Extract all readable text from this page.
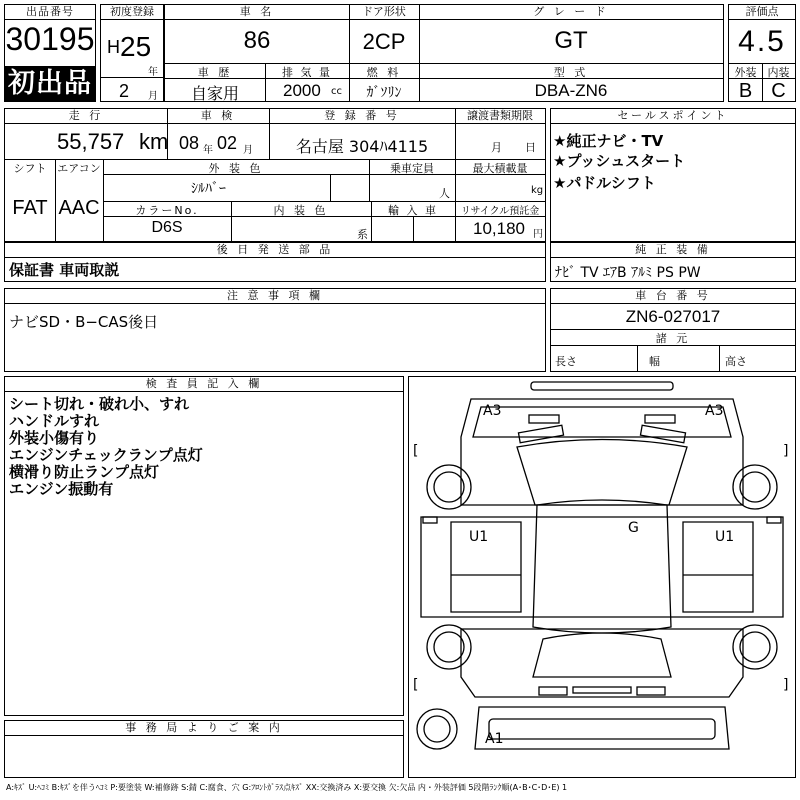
出品番号
30195
初出品
初度登録
H 25
年
2 月
車 名	ドア形状	グ レ ー ド
86	2CP	GT
車 歴	排 気 量	燃 料	型 式
自家用	2000 cc	ｶﾞｿﾘﾝ	DBA-ZN6
評価点
4.5
外装	内装
B C
走 行	車 検	登 録 番 号	譲渡書類期限
55,757 km 08 年 02 月	名古屋 304ﾊ4115	月 日
シフト エアコン	外 装 色	乗車定員	最大積載量
FAT AAC
ｼﾙﾊﾞｰ	人	kg
カラーNo.	内 装 色	輸 入 車	リサイクル預託金
D6S	系	10,180 円
セールスポイント
★純正ナビ・TV
★プッシュスタート
★パドルシフト
後 日 発 送 部 品
保証書 車両取説
純 正 装 備
ﾅﾋﾞ TV ｴｱB ｱﾙﾐ PS PW
注 意 事 項 欄
ナビSD・B−CAS後日
車 台 番 号
ZN6-027017
諸 元
長さ	幅	高さ
検 査 員 記 入 欄
シート切れ・破れ小、すれ
ハンドルすれ
外装小傷有り
エンジンチェックランプ点灯
横滑り防止ランプ点灯
エンジン振動有
事 務 局 よ り ご 案 内
[	]
[	]
A3	A3
G
U1	U1
A1
A:ｷｽﾞ U:ﾍｺﾐ B:ｷｽﾞを伴うﾍｺﾐ P:要塗装 W:補修跡 S:錆 C:腐食、穴 G:ﾌﾛﾝﾄｶﾞﾗｽ点ｷｽﾞ XX:交換済み X:要交換 欠:欠品 内・外装評価 5段階ﾗﾝｸ順(A･B･C･D･E) 1
